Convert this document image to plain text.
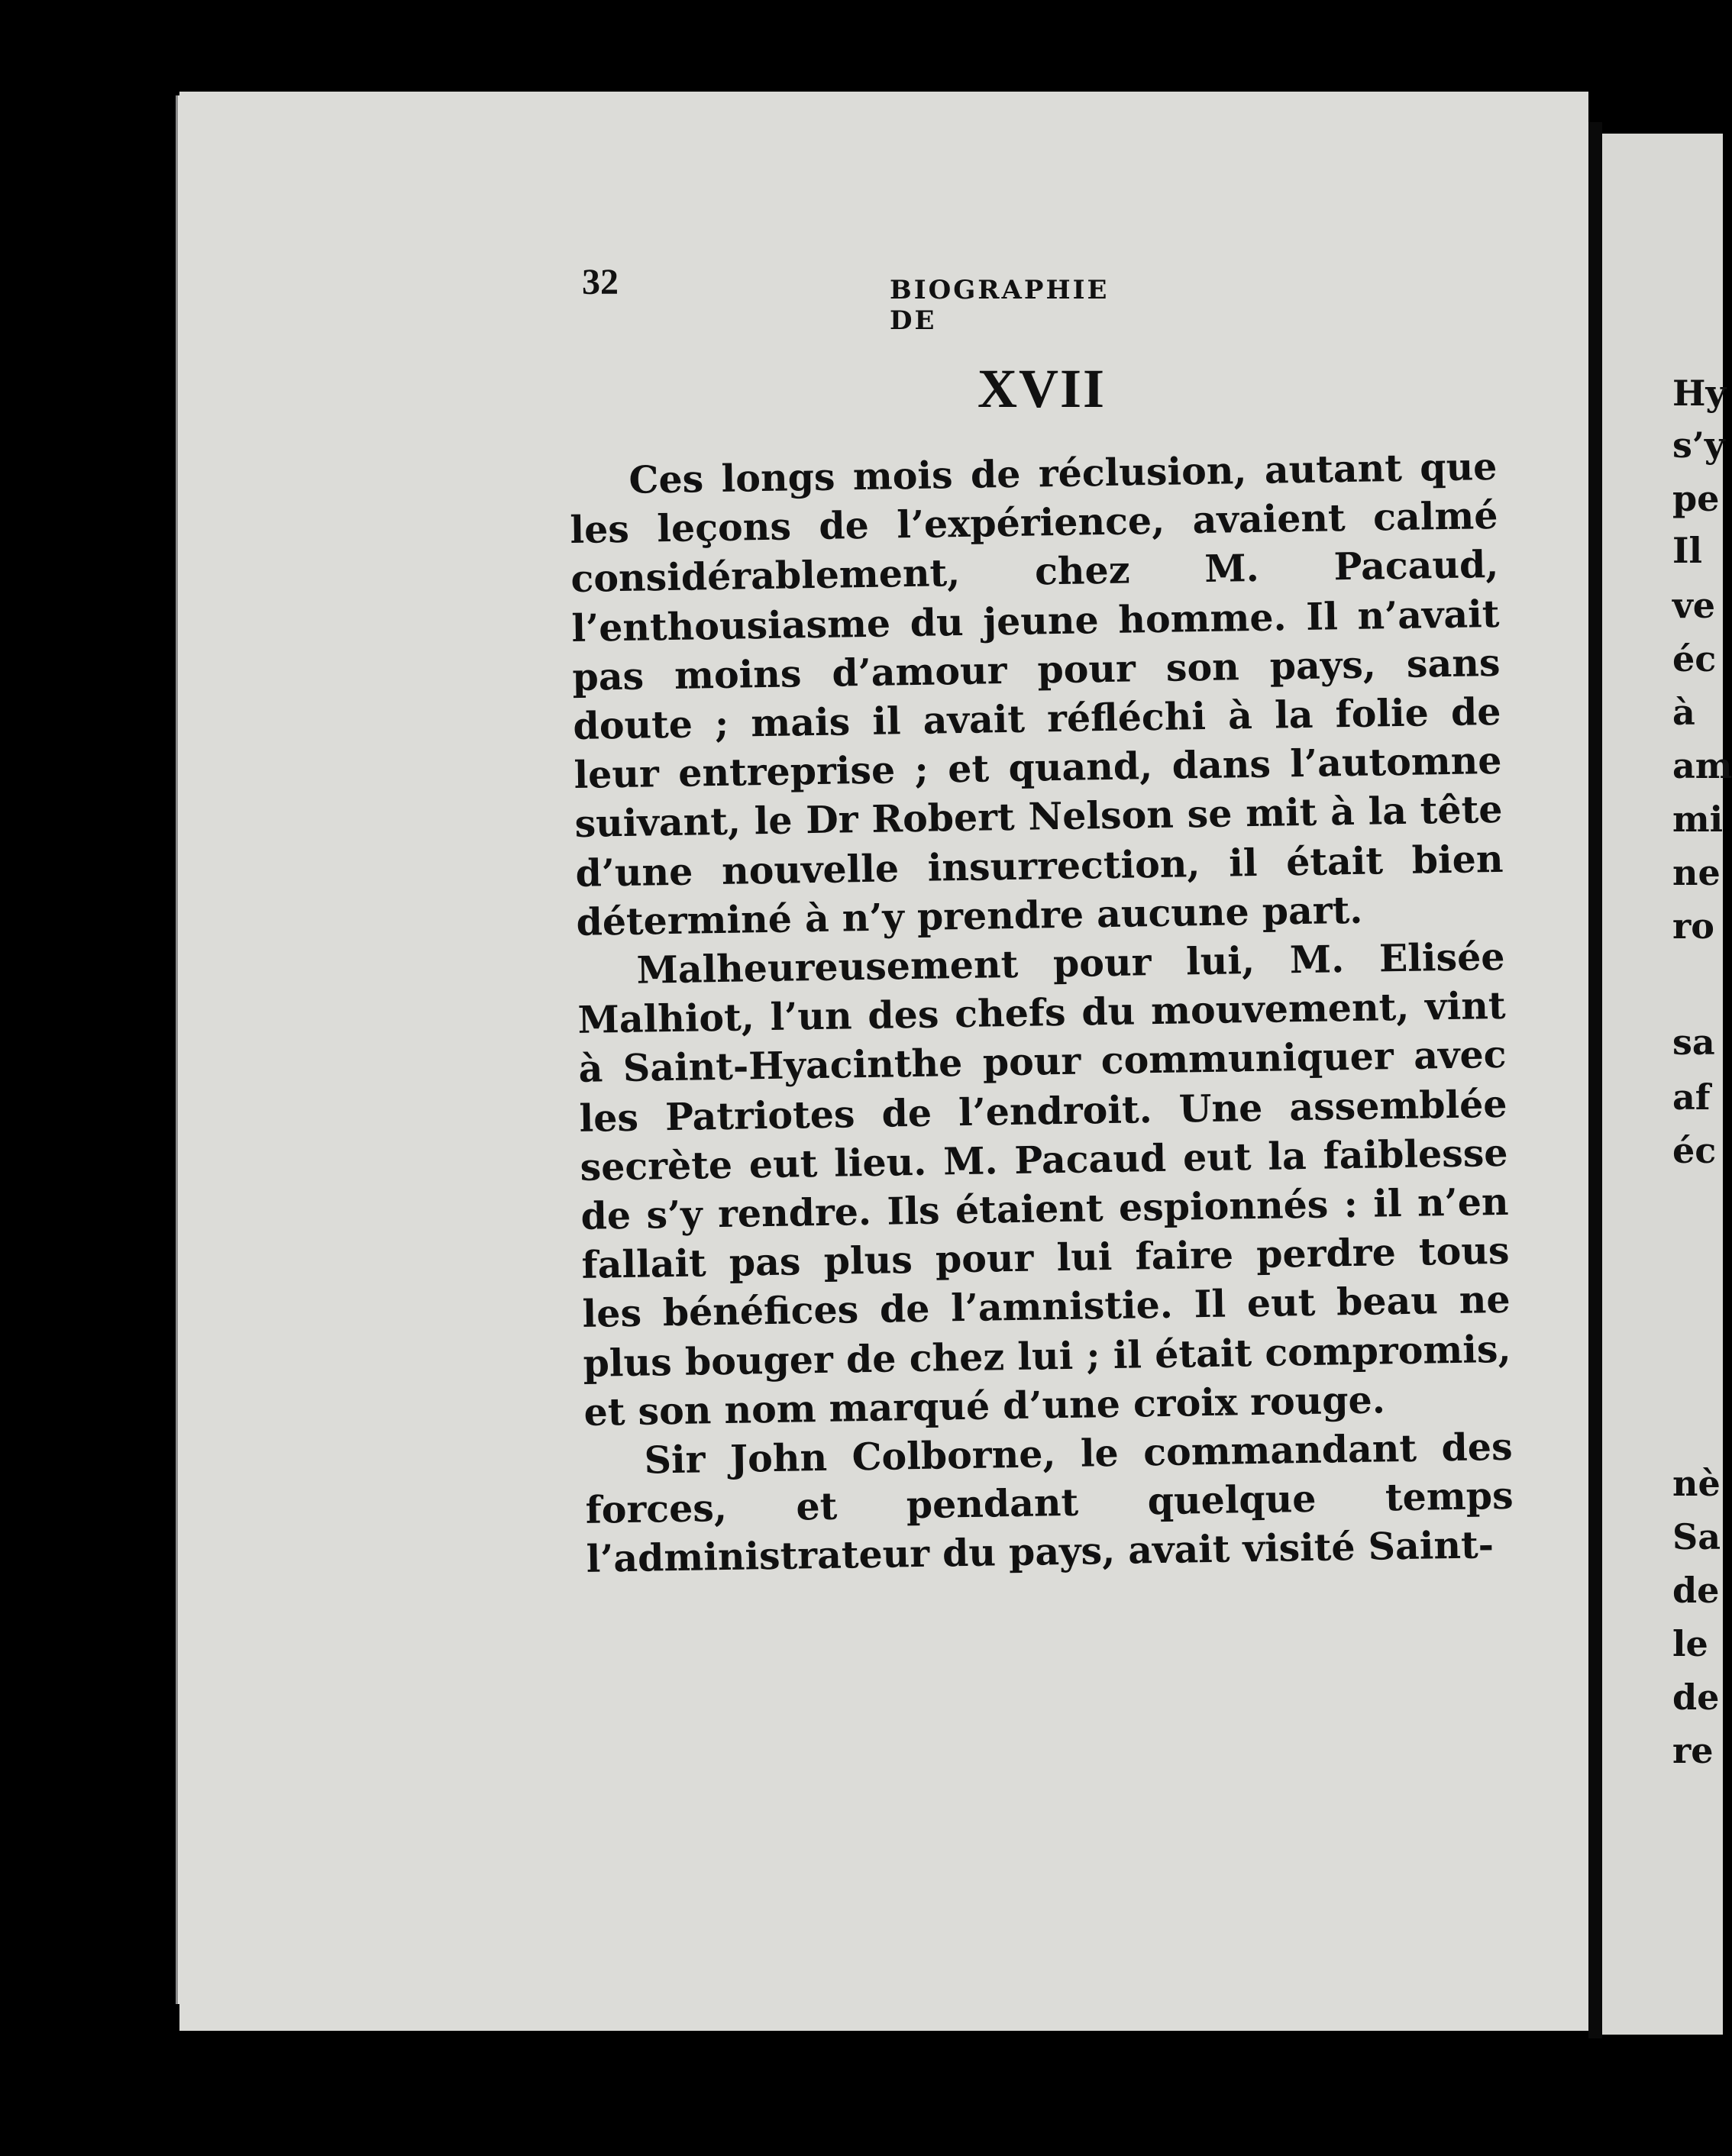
32	BIOGRAPHIE DE
XVII

Ces longs mois de réclusion, autant que les leçons de l’expérience, avaient calmé considérablement, chez M. Pacaud, l’enthousiasme du jeune homme. Il n’avait pas moins d’amour pour son pays, sans doute ; mais il avait réfléchi à la folie de leur entreprise ; et quand, dans l’automne suivant, le Dr Robert Nelson se mit à la tête d’une nouvelle insurrection, il était bien déterminé à n’y prendre aucune part.

Malheureusement pour lui, M. Elisée Malhiot, l’un des chefs du mouvement, vint à Saint-Hyacinthe pour communiquer avec les Patriotes de l’endroit. Une assemblée secrète eut lieu. M. Pacaud eut la faiblesse de s’y rendre. Ils étaient espionnés : il n’en fallait pas plus pour lui faire perdre tous les bénéfices de l’amnistie. Il eut beau ne plus bouger de chez lui ; il était compromis, et son nom marqué d’une croix rouge.

Sir John Colborne, le commandant des forces, et pendant quelque temps l’administrateur du pays, avait visité Saint-

Hy
s’y
pe
Il
ve
éc
à
am
mi
ne
ro
sa
af
éc
nè
Sa
de
le
de
re
